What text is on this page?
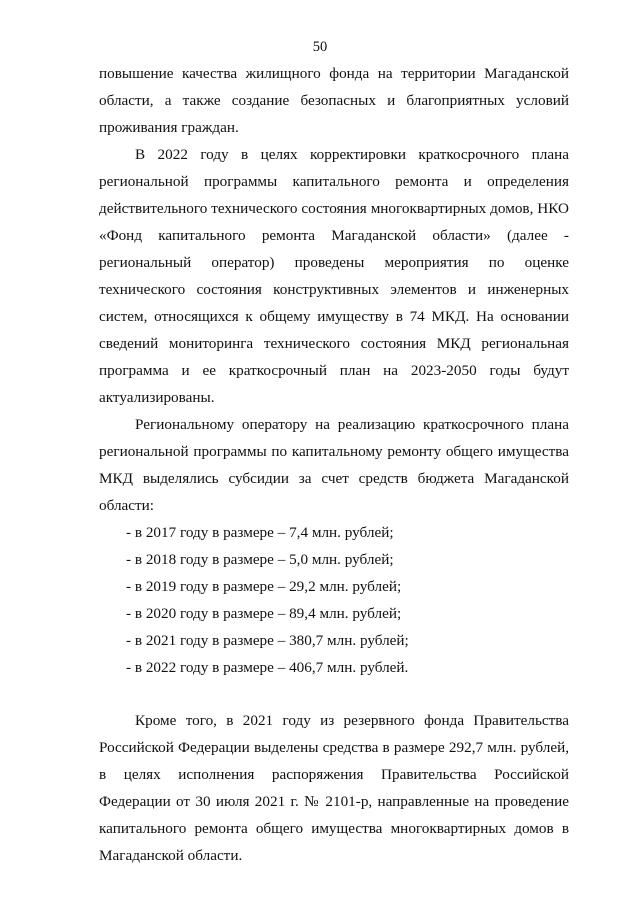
50

повышение качества жилищного фонда на территории Магаданской области, а также создание безопасных и благоприятных условий проживания граждан.

В 2022 году в целях корректировки краткосрочного плана региональной программы капитального ремонта и определения действительного технического состояния многоквартирных домов, НКО «Фонд капитального ремонта Магаданской области» (далее - региональный оператор) проведены мероприятия по оценке технического состояния конструктивных элементов и инженерных систем, относящихся к общему имуществу в 74 МКД. На основании сведений мониторинга технического состояния МКД региональная программа и ее краткосрочный план на 2023-2050 годы будут актуализированы.

Региональному оператору на реализацию краткосрочного плана региональной программы по капитальному ремонту общего имущества МКД выделялись субсидии за счет средств бюджета Магаданской области:

- в 2017 году в размере – 7,4 млн. рублей;
- в 2018 году в размере – 5,0 млн. рублей;
- в 2019 году в размере – 29,2 млн. рублей;
- в 2020 году в размере – 89,4 млн. рублей;
- в 2021 году в размере – 380,7 млн. рублей;
- в 2022 году в размере – 406,7 млн. рублей.

Кроме того, в 2021 году из резервного фонда Правительства Российской Федерации выделены средства в размере 292,7 млн. рублей, в целях исполнения распоряжения Правительства Российской Федерации от 30 июля 2021 г. № 2101-р, направленные на проведение капитального ремонта общего имущества многоквартирных домов в Магаданской области.
